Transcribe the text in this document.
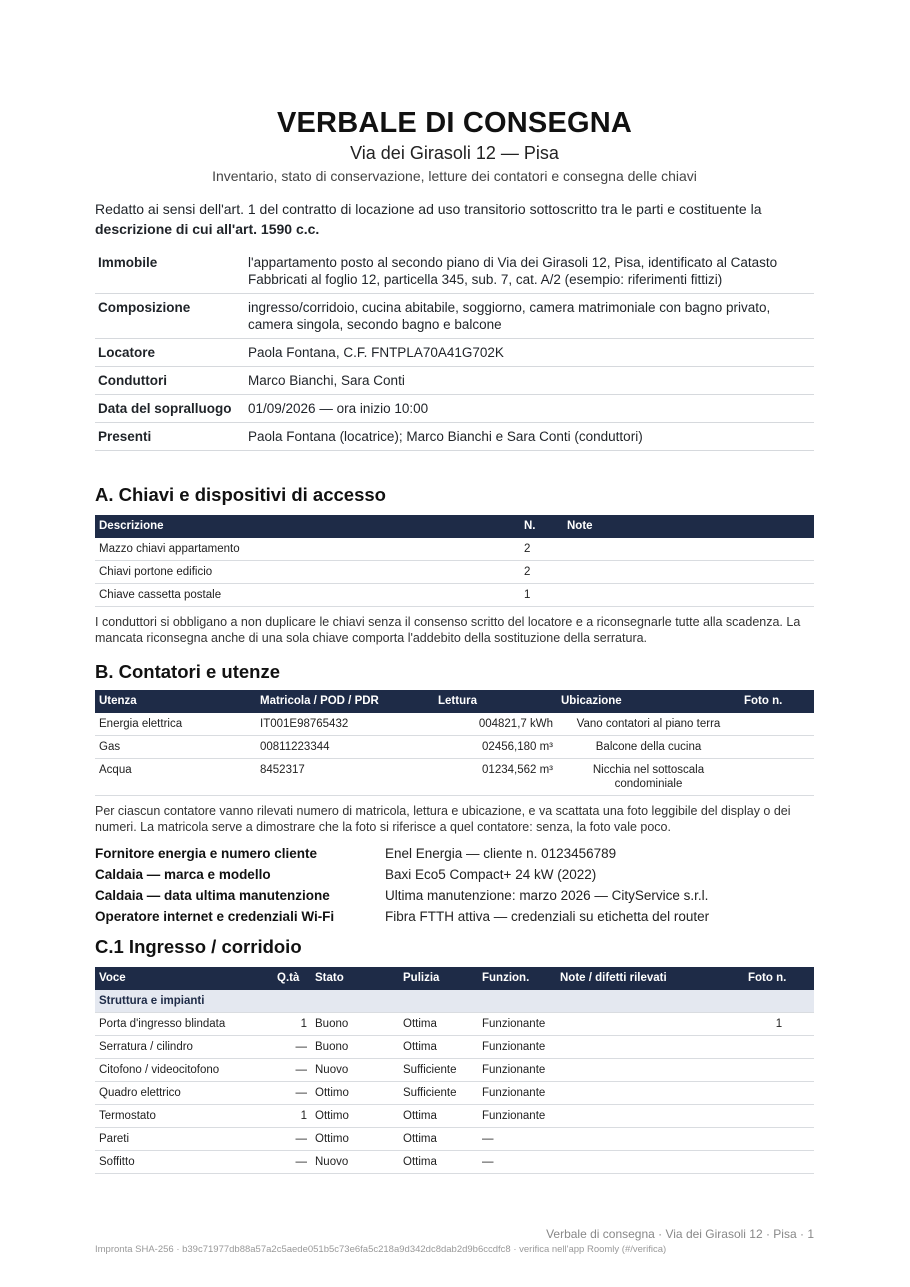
VERBALE DI CONSEGNA
Via dei Girasoli 12 — Pisa
Inventario, stato di conservazione, letture dei contatori e consegna delle chiavi
Redatto ai sensi dell'art. 1 del contratto di locazione ad uso transitorio sottoscritto tra le parti e costituente la descrizione di cui all'art. 1590 c.c.
Immobile	l'appartamento posto al secondo piano di Via dei Girasoli 12, Pisa, identificato al Catasto Fabbricati al foglio 12, particella 345, sub. 7, cat. A/2 (esempio: riferimenti fittizi)
Composizione	ingresso/corridoio, cucina abitabile, soggiorno, camera matrimoniale con bagno privato, camera singola, secondo bagno e balcone
Locatore	Paola Fontana, C.F. FNTPLA70A41G702K
Conduttori	Marco Bianchi, Sara Conti
Data del sopralluogo	01/09/2026 — ora inizio 10:00
Presenti	Paola Fontana (locatrice); Marco Bianchi e Sara Conti (conduttori)
A. Chiavi e dispositivi di accesso
Descrizione	N.	Note
Mazzo chiavi appartamento	2	
Chiavi portone edificio	2	
Chiave cassetta postale	1	
I conduttori si obbligano a non duplicare le chiavi senza il consenso scritto del locatore e a riconsegnarle tutte alla scadenza. La mancata riconsegna anche di una sola chiave comporta l'addebito della sostituzione della serratura.
B. Contatori e utenze
Utenza	Matricola / POD / PDR	Lettura	Ubicazione	Foto n.
Energia elettrica	IT001E98765432	004821,7 kWh	Vano contatori al piano terra	
Gas	00811223344	02456,180 m³	Balcone della cucina	
Acqua	8452317	01234,562 m³	Nicchia nel sottoscala condominiale	
Per ciascun contatore vanno rilevati numero di matricola, lettura e ubicazione, e va scattata una foto leggibile del display o dei numeri. La matricola serve a dimostrare che la foto si riferisce a quel contatore: senza, la foto vale poco.
Fornitore energia e numero cliente	Enel Energia — cliente n. 0123456789
Caldaia — marca e modello	Baxi Eco5 Compact+ 24 kW (2022)
Caldaia — data ultima manutenzione	Ultima manutenzione: marzo 2026 — CityService s.r.l.
Operatore internet e credenziali Wi-Fi	Fibra FTTH attiva — credenziali su etichetta del router
C.1 Ingresso / corridoio
Voce	Q.tà	Stato	Pulizia	Funzion.	Note / difetti rilevati	Foto n.
Struttura e impianti						
Porta d'ingresso blindata	1	Buono	Ottima	Funzionante		1
Serratura / cilindro	—	Buono	Ottima	Funzionante		
Citofono / videocitofono	—	Nuovo	Sufficiente	Funzionante		
Quadro elettrico	—	Ottimo	Sufficiente	Funzionante		
Termostato	1	Ottimo	Ottima	Funzionante		
Pareti	—	Ottimo	Ottima	—		
Soffitto	—	Nuovo	Ottima	—		
Verbale di consegna · Via dei Girasoli 12 · Pisa · 1
Impronta SHA-256 · b39c71977db88a57a2c5aede051b5c73e6fa5c218a9d342dc8dab2d9b6ccdfc8 · verifica nell'app Roomly (#/verifica)
